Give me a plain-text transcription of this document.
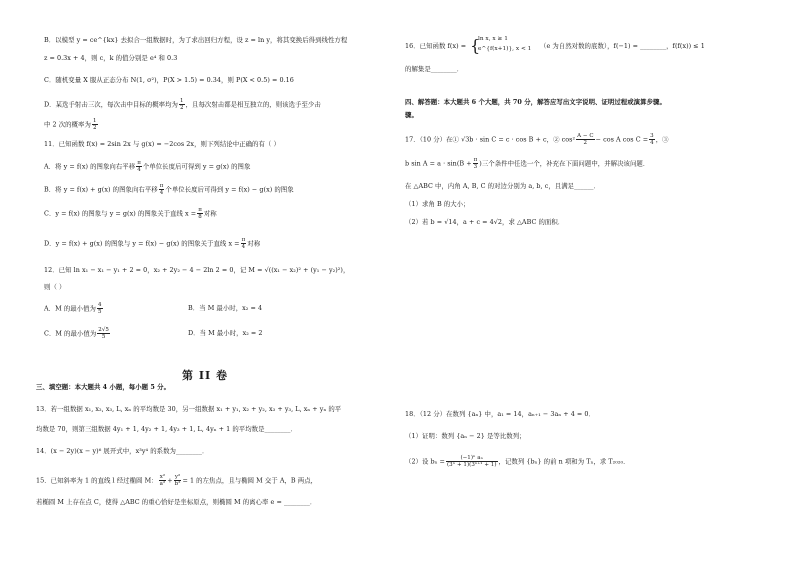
B．以模型 y = ce^{kx} 去拟合一组数据时，为了求出回归方程，设 z = ln y，将其变换后得到线性方程
z = 0.3x + 4，则 c，k 的值分别是 e⁴ 和 0.3
C．随机变量 X 服从正态分布 N(1, σ²)，P(X > 1.5) = 0.34，则 P(X < 0.5) = 0.16
D．某选手射击三次，每次击中目标的概率均为 $\frac{1}{2}$ ，且每次射击都是相互独立的，则该选手至少击
中 2 次的概率为 $\frac{1}{2}$
11．已知函数 f(x) = 2sin 2x 与 g(x) = −2cos 2x，则下列结论中正确的有（ ）
A．将 y = f(x) 的图象向右平移 $\frac{\pi}{4}$ 个单位长度后可得到 y = g(x) 的图象
B．将 y = f(x) + g(x) 的图象向右平移 $\frac{\pi}{4}$ 个单位长度后可得到 y = f(x) − g(x) 的图象
C．y = f(x) 的图象与 y = g(x) 的图象关于直线 $x = \frac{\pi}{8}$ 对称
D．y = f(x) + g(x) 的图象与 y = f(x) − g(x) 的图象关于直线 $x = \frac{\pi}{4}$ 对称
12．已知 ln x₁ − x₁ − y₁ + 2 = 0，x₂ + 2y₂ − 4 − 2ln 2 = 0，记 M = √((x₁ − x₂)² + (y₁ − y₂)²)，
则（ ）
A．M 的最小值为 $\frac{4}{5}$	B．当 M 最小时，x₂ = 4
C．M 的最小值为 $\frac{2√5}{5}$	D．当 M 最小时，x₂ = 2
第 II 卷
三、填空题：本大题共 4 小题，每小题 5 分。
13．若一组数据 x₁, x₂, x₃, L, xₙ 的平均数是 30，另一组数据 x₁ + y₁, x₂ + y₂, x₃ + y₃, L, xₙ + yₙ 的平
均数是 70，则第三组数据 4y₁ + 1, 4y₂ + 1, 4y₃ + 1, L, 4yₙ + 1 的平均数是________．
14．(x − 2y)(x − y)⁶ 展开式中，x³y⁴ 的系数为________．
15．已知斜率为 1 的直线 l 经过椭圆 M： $\frac{\text{x²}}{\text{a²}} + \frac{\text{y²}}{\text{b²}} = 1$ 的左焦点，且与椭圆 M 交于 A，B 两点，
若椭圆 M 上存在点 C，使得 △ABC 的重心恰好是坐标原点，则椭圆 M 的离心率 e = ________．
16．已知函数 f(x) = {
ln x, x ≥ 1
e^{f(x+1)}, x < 1 （e 为自然对数的底数），f(−1) = ________，f(f(x)) ≤ 1
的解集是________．
四、解答题：本大题共 6 个大题，共 70 分，解答应写出文字说明、证明过程或演算步骤。
骤。
17．（10 分）在① √3b · sin C = c · cos B + c，② $\cos^2 \frac{A - C}{2} - \cos A$ $\cos C = \frac{3}{4}$ ，③
b $\sin A = a \cdot \sin(B + \frac{\pi}{3}$ )三个条件中任选一个，补充在下面问题中，并解决该问题．
在 △ABC 中，内角 A, B, C 的对边分别为 a, b, c，且满足______．
（1）求角 B 的大小；
（2）若 b = √14，a + c = 4√2，求 △ABC 的面积．
18．（12 分）在数列 {aₙ} 中，a₁ = 14，aₙ₊₁ − 3aₙ + 4 = 0．
（1）证明：数列 {aₙ − 2} 是等比数列；
（2）设 $b_n = \frac{\text{(−1)ⁿ aₙ}}{\text{(3ⁿ + 1)(3ⁿ⁺¹ + 1)}}$ ，记数列 {bₙ} 的前 n 项和为 Tₙ，求 T₂₀₂₀．
